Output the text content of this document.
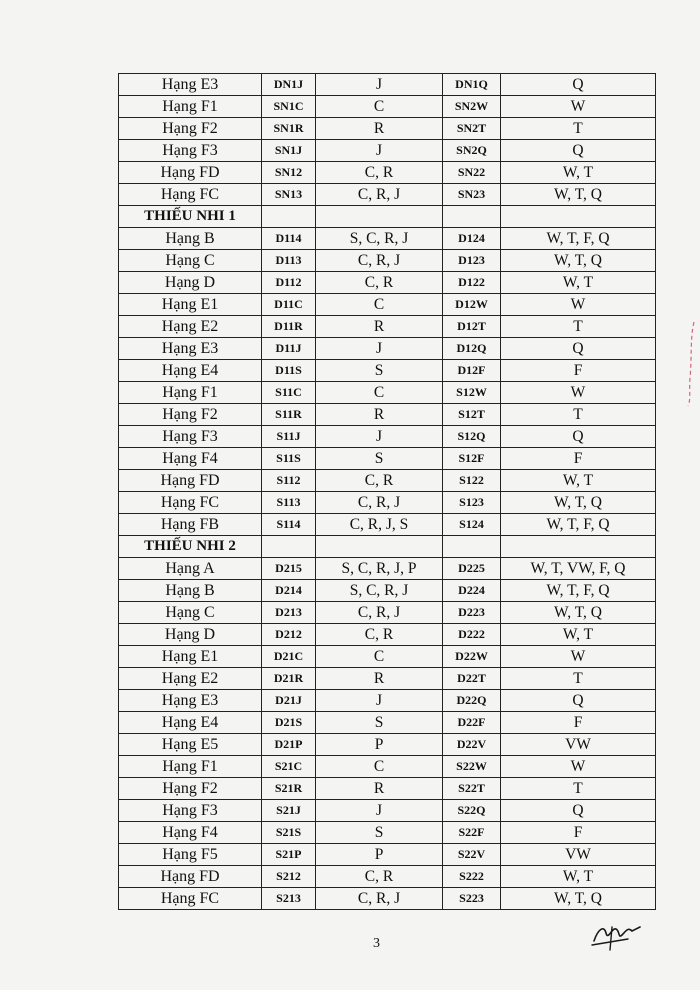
Hạng E3	DN1J	J	DN1Q	Q
Hạng F1	SN1C	C	SN2W	W
Hạng F2	SN1R	R	SN2T	T
Hạng F3	SN1J	J	SN2Q	Q
Hạng FD	SN12	C, R	SN22	W, T
Hạng FC	SN13	C, R, J	SN23	W, T, Q
THIẾU NHI 1				
Hạng B	D114	S, C, R, J	D124	W, T, F, Q
Hạng C	D113	C, R, J	D123	W, T, Q
Hạng D	D112	C, R	D122	W, T
Hạng E1	D11C	C	D12W	W
Hạng E2	D11R	R	D12T	T
Hạng E3	D11J	J	D12Q	Q
Hạng E4	D11S	S	D12F	F
Hạng F1	S11C	C	S12W	W
Hạng F2	S11R	R	S12T	T
Hạng F3	S11J	J	S12Q	Q
Hạng F4	S11S	S	S12F	F
Hạng FD	S112	C, R	S122	W, T
Hạng FC	S113	C, R, J	S123	W, T, Q
Hạng FB	S114	C, R, J, S	S124	W, T, F, Q
THIẾU NHI 2				
Hạng A	D215	S, C, R, J, P	D225	W, T, VW, F, Q
Hạng B	D214	S, C, R, J	D224	W, T, F, Q
Hạng C	D213	C, R, J	D223	W, T, Q
Hạng D	D212	C, R	D222	W, T
Hạng E1	D21C	C	D22W	W
Hạng E2	D21R	R	D22T	T
Hạng E3	D21J	J	D22Q	Q
Hạng E4	D21S	S	D22F	F
Hạng E5	D21P	P	D22V	VW
Hạng F1	S21C	C	S22W	W
Hạng F2	S21R	R	S22T	T
Hạng F3	S21J	J	S22Q	Q
Hạng F4	S21S	S	S22F	F
Hạng F5	S21P	P	S22V	VW
Hạng FD	S212	C, R	S222	W, T
Hạng FC	S213	C, R, J	S223	W, T, Q
3
